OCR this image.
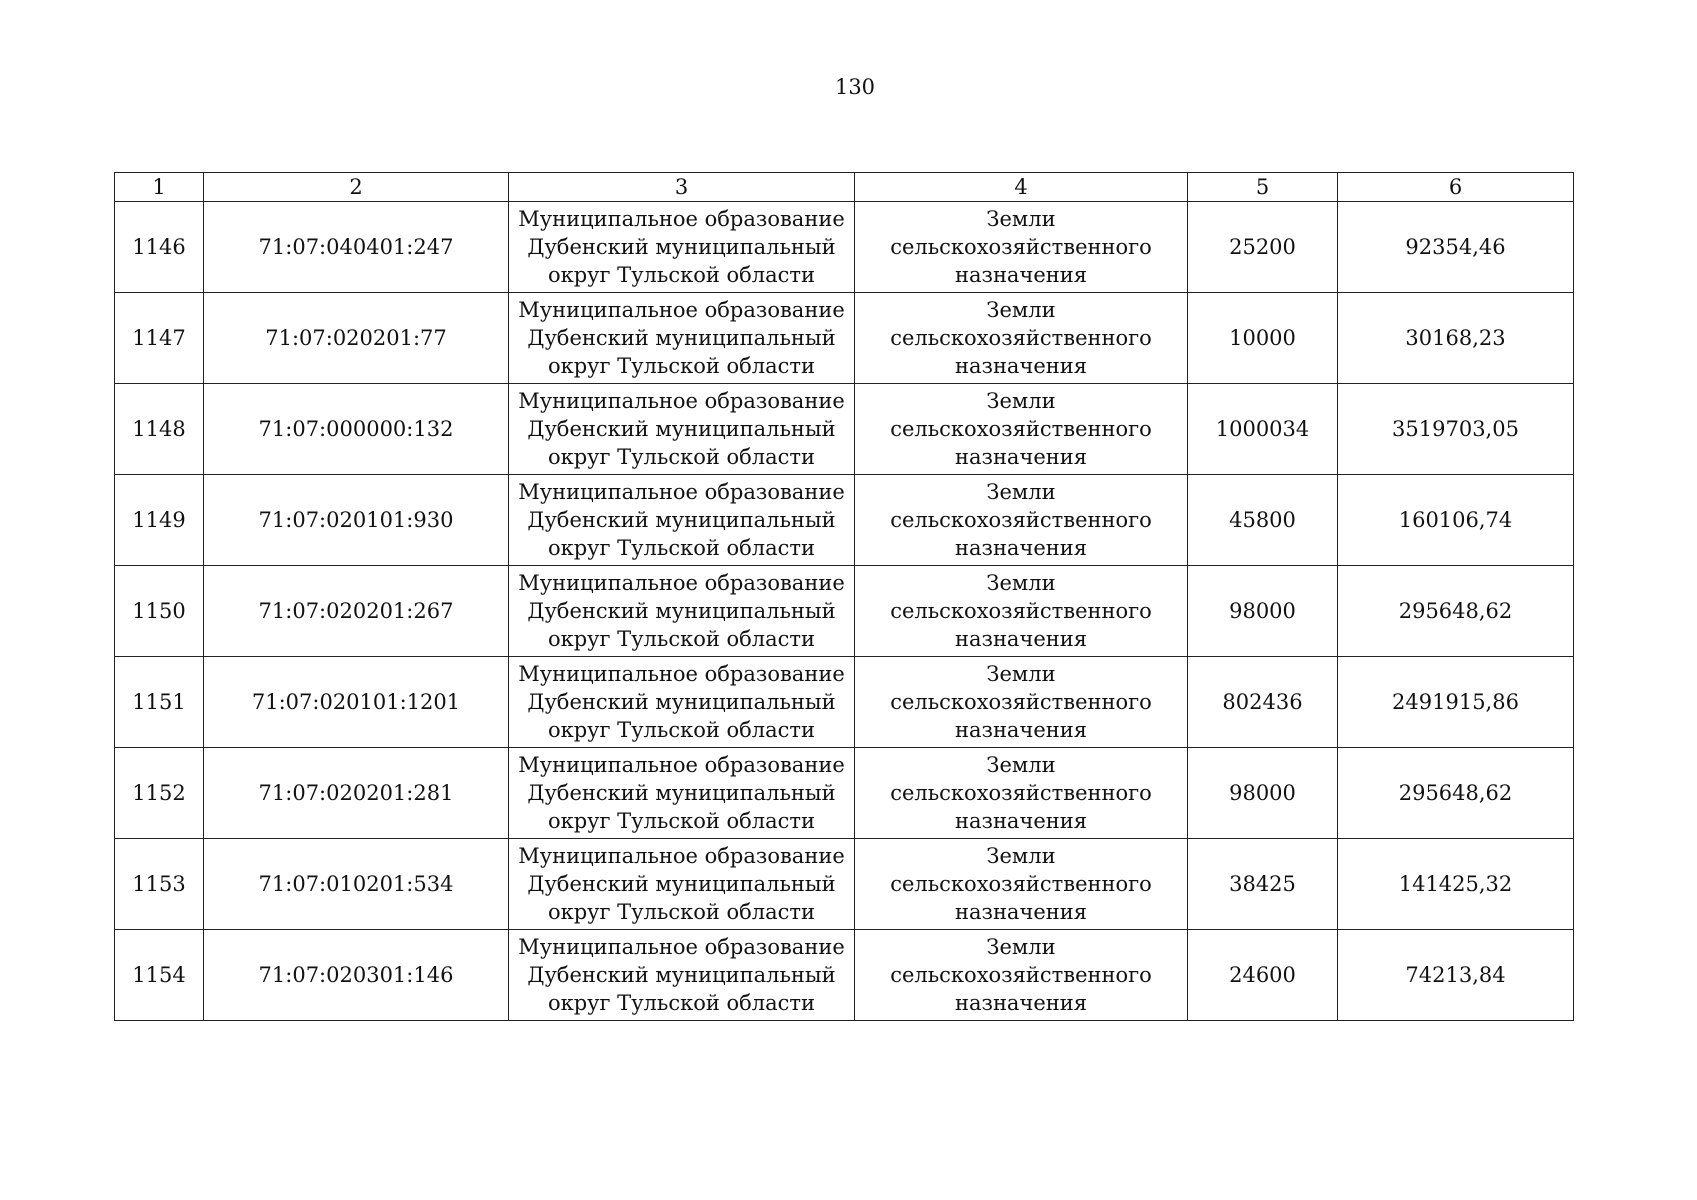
130
1	2	3	4	5	6
1146	71:07:040401:247	Муниципальное образование
Дубенский муниципальный
округ Тульской области	Земли
сельскохозяйственного
назначения	25200	92354,46
1147	71:07:020201:77	Муниципальное образование
Дубенский муниципальный
округ Тульской области	Земли
сельскохозяйственного
назначения	10000	30168,23
1148	71:07:000000:132	Муниципальное образование
Дубенский муниципальный
округ Тульской области	Земли
сельскохозяйственного
назначения	1000034	3519703,05
1149	71:07:020101:930	Муниципальное образование
Дубенский муниципальный
округ Тульской области	Земли
сельскохозяйственного
назначения	45800	160106,74
1150	71:07:020201:267	Муниципальное образование
Дубенский муниципальный
округ Тульской области	Земли
сельскохозяйственного
назначения	98000	295648,62
1151	71:07:020101:1201	Муниципальное образование
Дубенский муниципальный
округ Тульской области	Земли
сельскохозяйственного
назначения	802436	2491915,86
1152	71:07:020201:281	Муниципальное образование
Дубенский муниципальный
округ Тульской области	Земли
сельскохозяйственного
назначения	98000	295648,62
1153	71:07:010201:534	Муниципальное образование
Дубенский муниципальный
округ Тульской области	Земли
сельскохозяйственного
назначения	38425	141425,32
1154	71:07:020301:146	Муниципальное образование
Дубенский муниципальный
округ Тульской области	Земли
сельскохозяйственного
назначения	24600	74213,84
